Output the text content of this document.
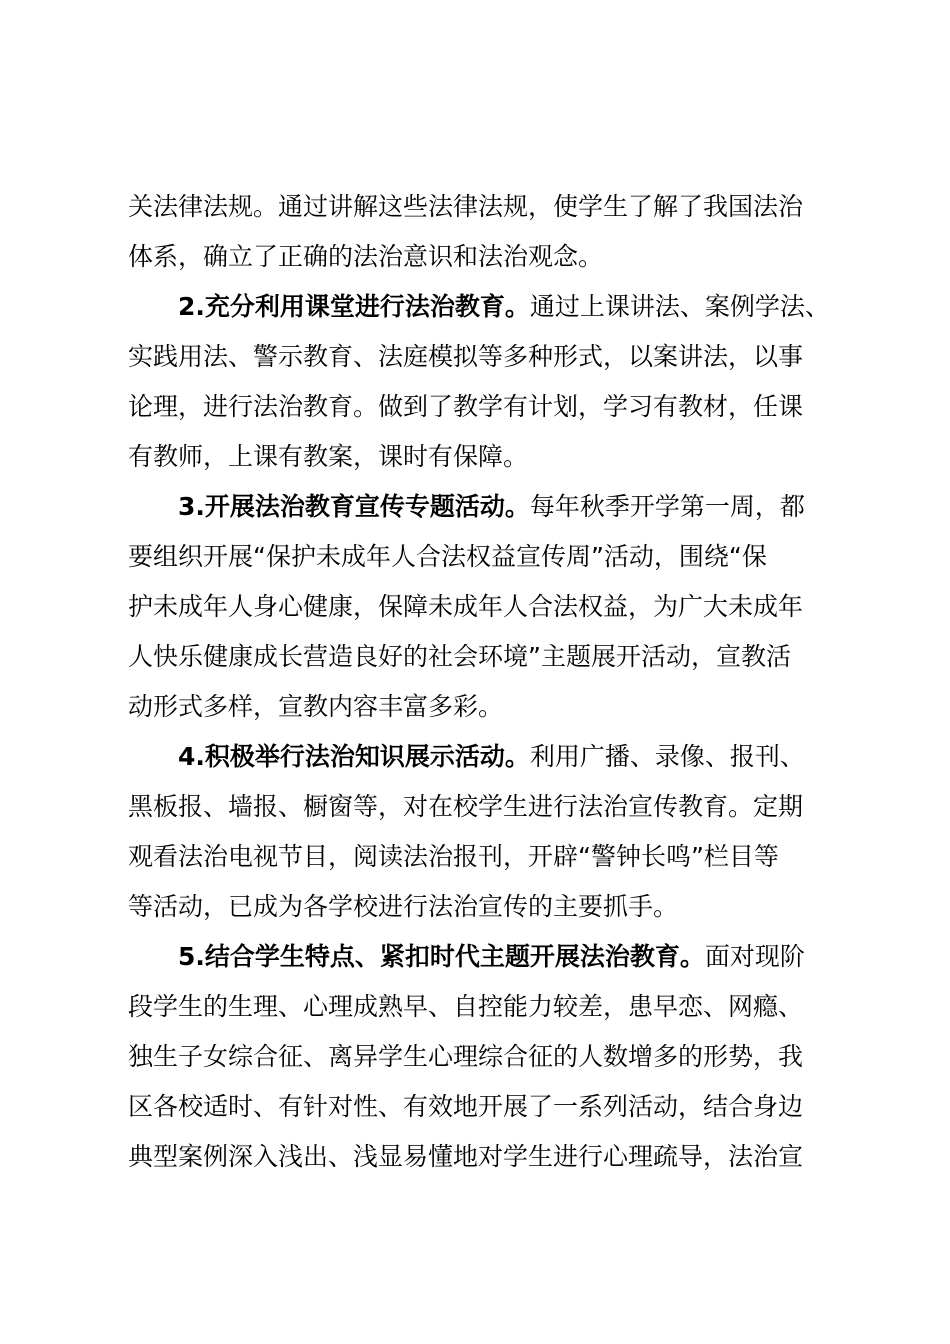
关法律法规。通过讲解这些法律法规，使学生了解了我国法治

体系，确立了正确的法治意识和法治观念。

2.充分利用课堂进行法治教育。通过上课讲法、案例学法、

实践用法、警示教育、法庭模拟等多种形式，以案讲法，以事

论理，进行法治教育。做到了教学有计划，学习有教材，任课

有教师，上课有教案，课时有保障。

3.开展法治教育宣传专题活动。每年秋季开学第一周，都

要组织开展“保护未成年人合法权益宣传周”活动，围绕“保

护未成年人身心健康，保障未成年人合法权益，为广大未成年

人快乐健康成长营造良好的社会环境”主题展开活动，宣教活

动形式多样，宣教内容丰富多彩。

4.积极举行法治知识展示活动。利用广播、录像、报刊、

黑板报、墙报、橱窗等，对在校学生进行法治宣传教育。定期

观看法治电视节目，阅读法治报刊，开辟“警钟长鸣”栏目等

等活动，已成为各学校进行法治宣传的主要抓手。

5.结合学生特点、紧扣时代主题开展法治教育。面对现阶

段学生的生理、心理成熟早、自控能力较差，患早恋、网瘾、

独生子女综合征、离异学生心理综合征的人数增多的形势，我

区各校适时、有针对性、有效地开展了一系列活动，结合身边

典型案例深入浅出、浅显易懂地对学生进行心理疏导，法治宣
